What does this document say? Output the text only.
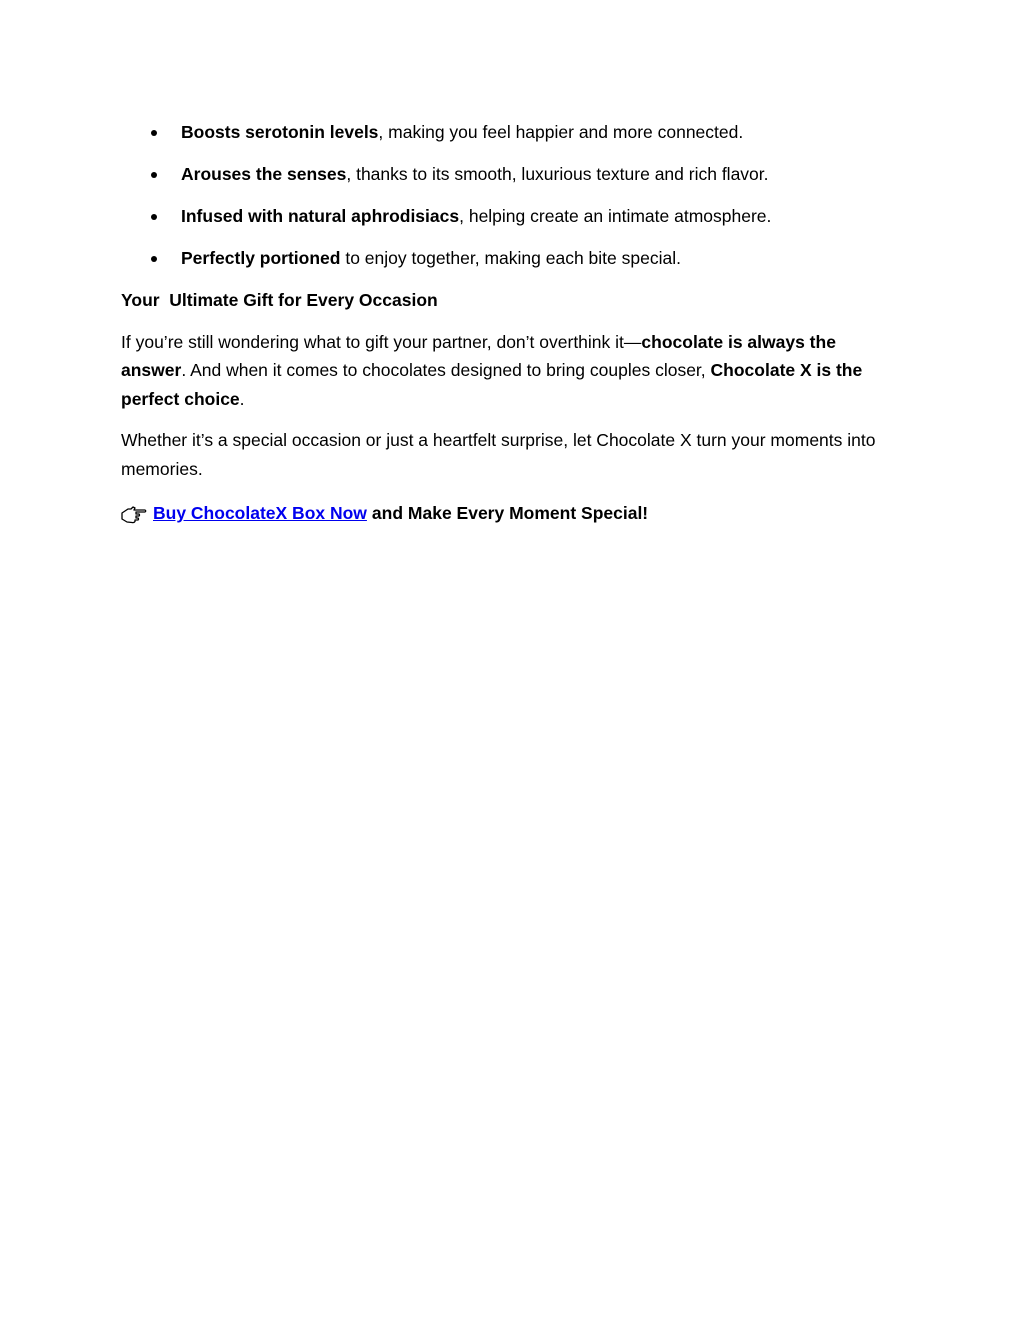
Boosts serotonin levels, making you feel happier and more connected.
Arouses the senses, thanks to its smooth, luxurious texture and rich flavor.
Infused with natural aphrodisiacs, helping create an intimate atmosphere.
Perfectly portioned to enjoy together, making each bite special.
Your  Ultimate Gift for Every Occasion

If you’re still wondering what to gift your partner, don’t overthink it—chocolate is always the answer. And when it comes to chocolates designed to bring couples closer, Chocolate X is the perfect choice.

Whether it’s a special occasion or just a heartfelt surprise, let Chocolate X turn your moments into memories.

Buy ChocolateX Box Now and Make Every Moment Special!
